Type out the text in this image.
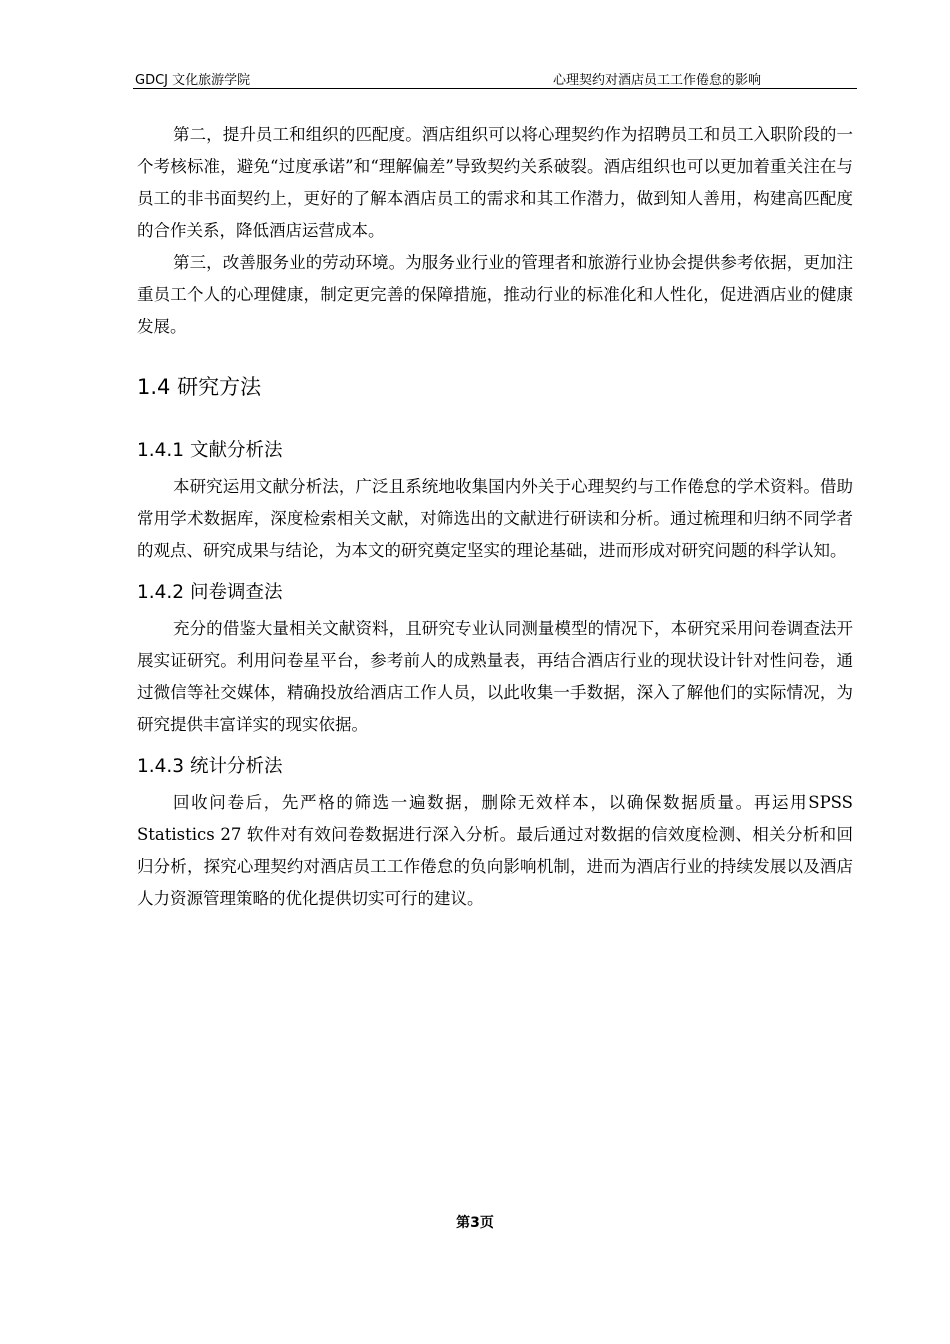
GDCJ 文化旅游学院	心理契约对酒店员工工作倦怠的影响

第二，提升员工和组织的匹配度。酒店组织可以将心理契约作为招聘员工和员工入职阶段的一个考核标准，避免“过度承诺”和“理解偏差”导致契约关系破裂。酒店组织也可以更加着重关注在与员工的非书面契约上，更好的了解本酒店员工的需求和其工作潜力，做到知人善用，构建高匹配度的合作关系，降低酒店运营成本。

第三，改善服务业的劳动环境。为服务业行业的管理者和旅游行业协会提供参考依据，更加注重员工个人的心理健康，制定更完善的保障措施，推动行业的标准化和人性化，促进酒店业的健康发展。

1.4 研究方法
1.4.1 文献分析法

本研究运用文献分析法，广泛且系统地收集国内外关于心理契约与工作倦怠的学术资料。借助常用学术数据库，深度检索相关文献，对筛选出的文献进行研读和分析。通过梳理和归纳不同学者的观点、研究成果与结论，为本文的研究奠定坚实的理论基础，进而形成对研究问题的科学认知。

1.4.2 问卷调查法

充分的借鉴大量相关文献资料，且研究专业认同测量模型的情况下，本研究采用问卷调查法开展实证研究。利用问卷星平台，参考前人的成熟量表，再结合酒店行业的现状设计针对性问卷，通过微信等社交媒体，精确投放给酒店工作人员，以此收集一手数据，深入了解他们的实际情况，为研究提供丰富详实的现实依据。

1.4.3 统计分析法

回收问卷后，先严格的筛选一遍数据，删除无效样本，以确保数据质量。再运用SPSS Statistics 27 软件对有效问卷数据进行深入分析。最后通过对数据的信效度检测、相关分析和回归分析，探究心理契约对酒店员工工作倦怠的负向影响机制，进而为酒店行业的持续发展以及酒店人力资源管理策略的优化提供切实可行的建议。

第3页
